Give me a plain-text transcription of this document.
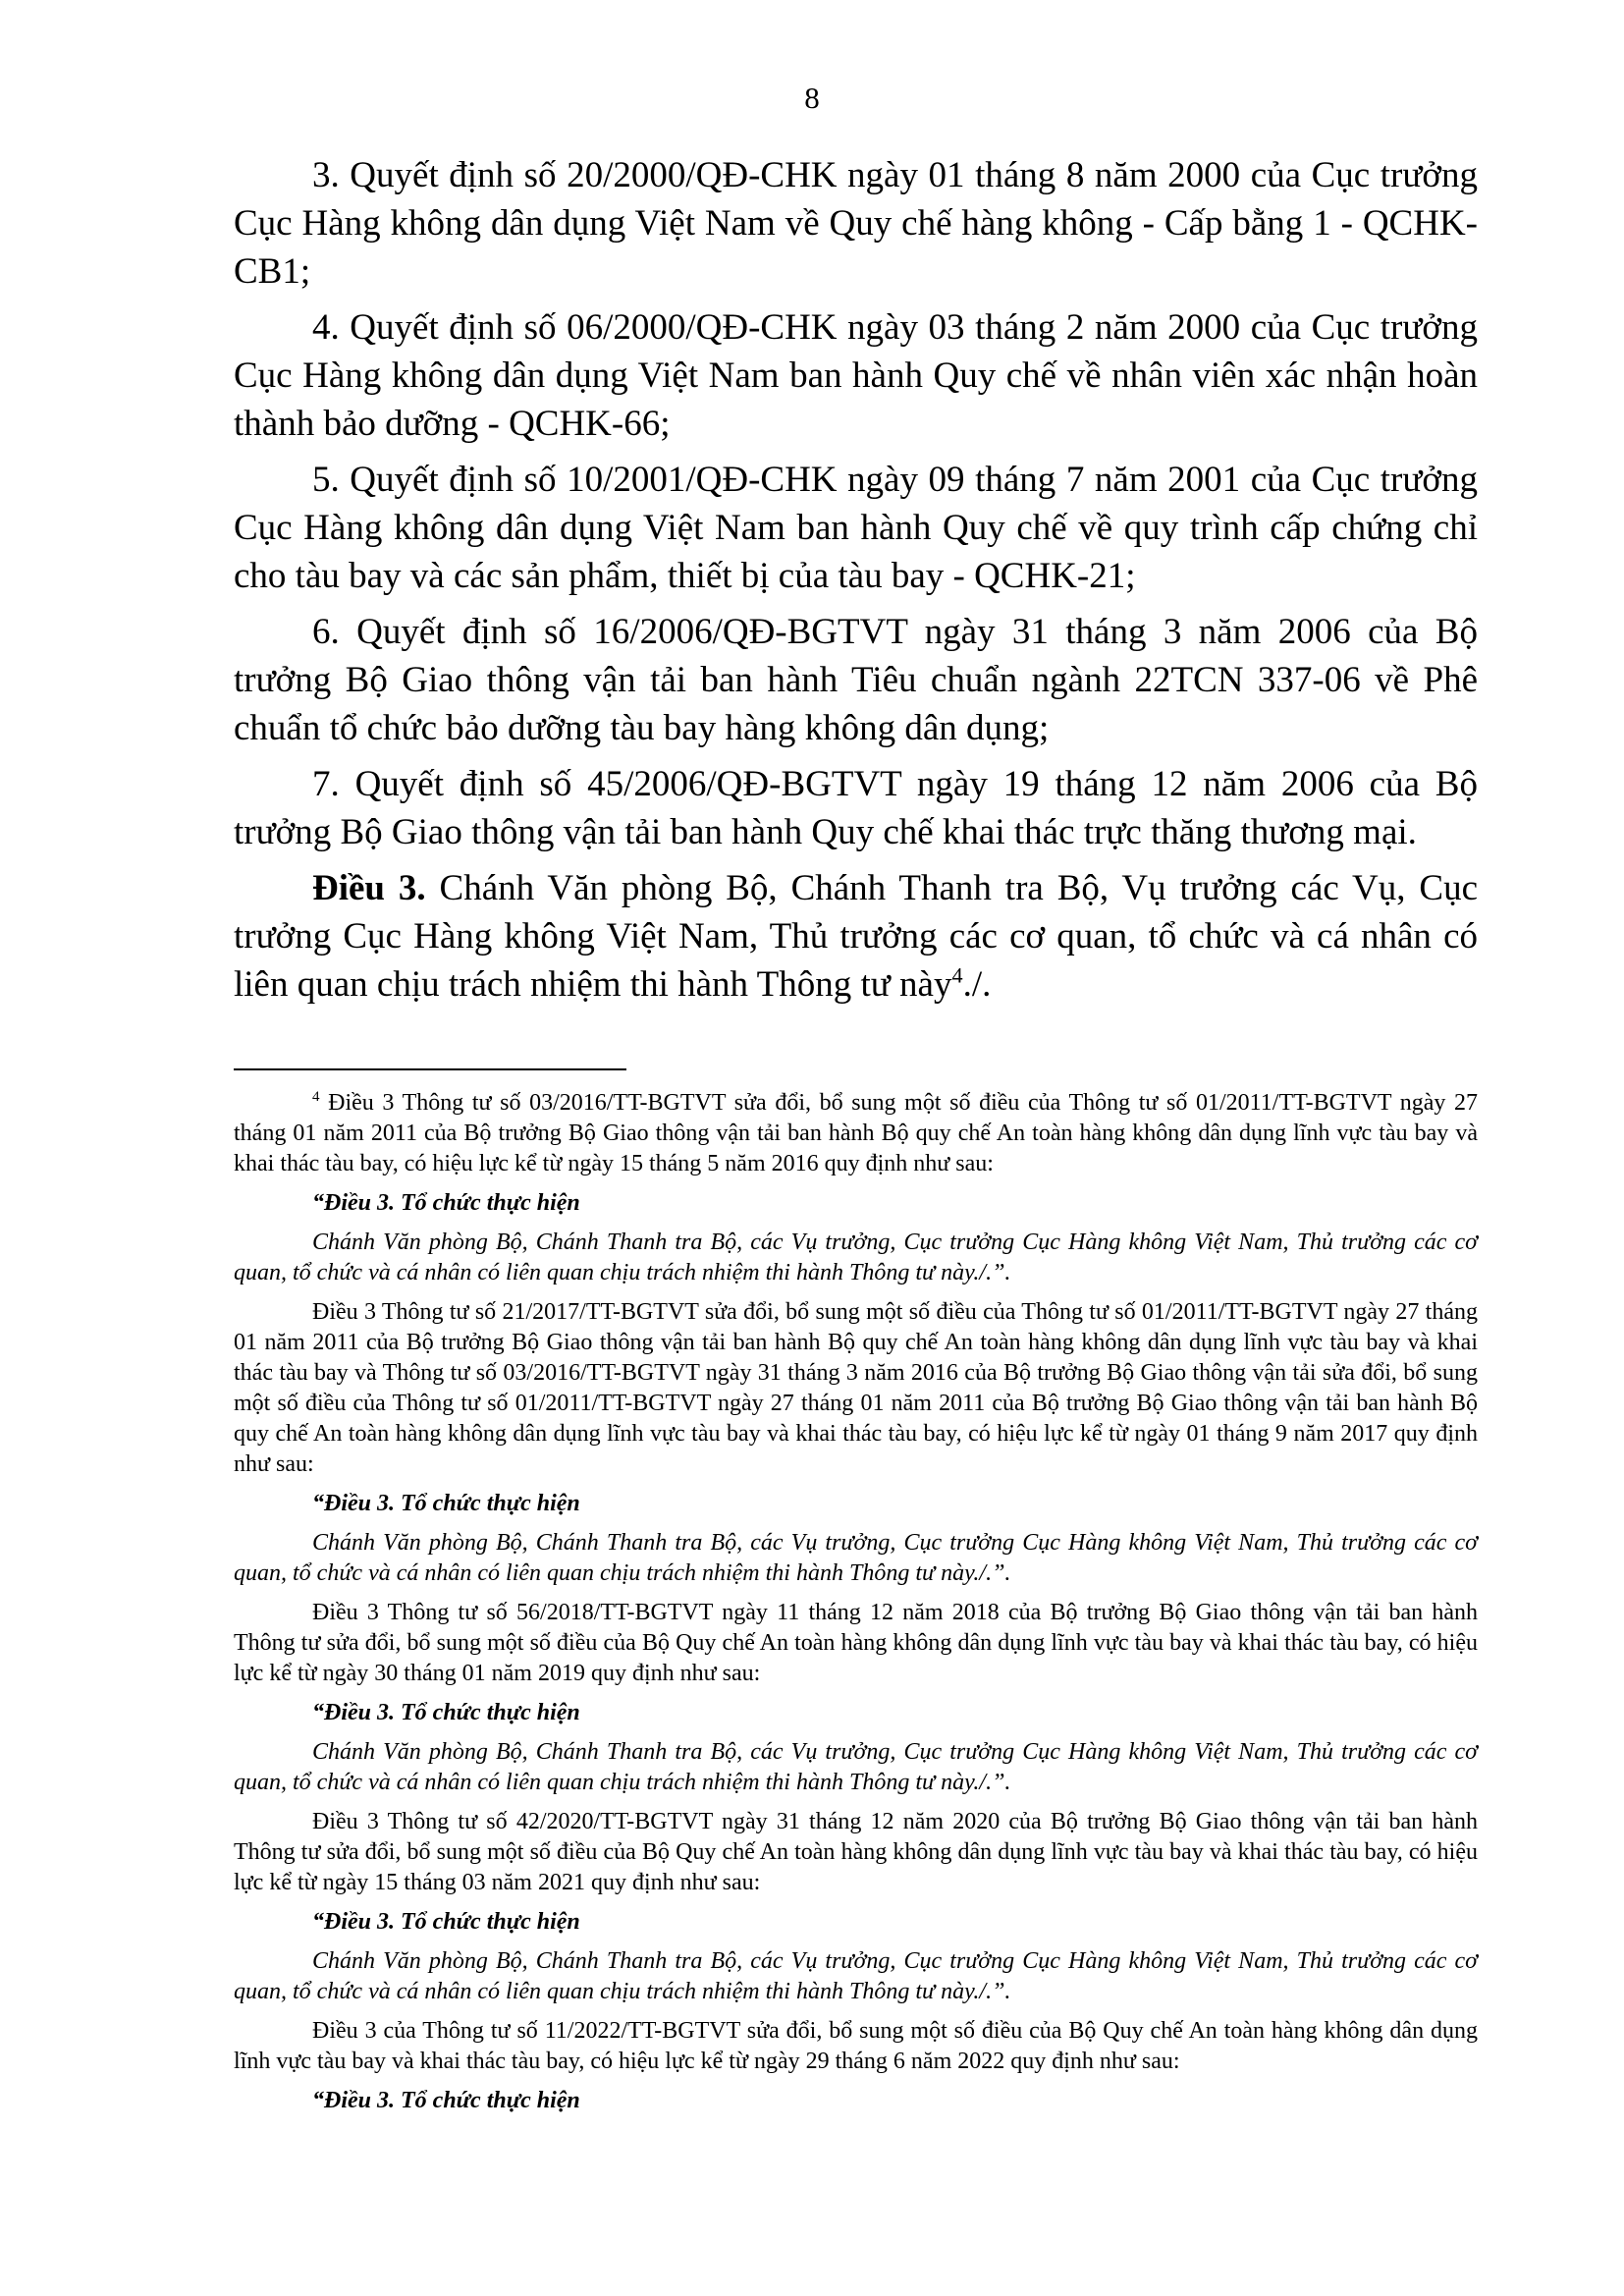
8

3. Quyết định số 20/2000/QĐ-CHK ngày 01 tháng 8 năm 2000 của Cục trưởng Cục Hàng không dân dụng Việt Nam về Quy chế hàng không - Cấp bằng 1 - QCHK-CB1;

4. Quyết định số 06/2000/QĐ-CHK ngày 03 tháng 2 năm 2000 của Cục trưởng Cục Hàng không dân dụng Việt Nam ban hành Quy chế về nhân viên xác nhận hoàn thành bảo dưỡng - QCHK-66;

5. Quyết định số 10/2001/QĐ-CHK ngày 09 tháng 7 năm 2001 của Cục trưởng Cục Hàng không dân dụng Việt Nam ban hành Quy chế về quy trình cấp chứng chỉ cho tàu bay và các sản phẩm, thiết bị của tàu bay - QCHK-21;

6. Quyết định số 16/2006/QĐ-BGTVT ngày 31 tháng 3 năm 2006 của Bộ trưởng Bộ Giao thông vận tải ban hành Tiêu chuẩn ngành 22TCN 337-06 về Phê chuẩn tổ chức bảo dưỡng tàu bay hàng không dân dụng;

7. Quyết định số 45/2006/QĐ-BGTVT ngày 19 tháng 12 năm 2006 của Bộ trưởng Bộ Giao thông vận tải ban hành Quy chế khai thác trực thăng thương mại.

Điều 3. Chánh Văn phòng Bộ, Chánh Thanh tra Bộ, Vụ trưởng các Vụ, Cục trưởng Cục Hàng không Việt Nam, Thủ trưởng các cơ quan, tổ chức và cá nhân có liên quan chịu trách nhiệm thi hành Thông tư này$^4$./.

$^4$ Điều 3 Thông tư số 03/2016/TT-BGTVT sửa đổi, bổ sung một số điều của Thông tư số 01/2011/TT-BGTVT ngày 27 tháng 01 năm 2011 của Bộ trưởng Bộ Giao thông vận tải ban hành Bộ quy chế An toàn hàng không dân dụng lĩnh vực tàu bay và khai thác tàu bay, có hiệu lực kể từ ngày 15 tháng 5 năm 2016 quy định như sau:

“Điều 3. Tổ chức thực hiện

Chánh Văn phòng Bộ, Chánh Thanh tra Bộ, các Vụ trưởng, Cục trưởng Cục Hàng không Việt Nam, Thủ trưởng các cơ quan, tổ chức và cá nhân có liên quan chịu trách nhiệm thi hành Thông tư này./.”.

Điều 3 Thông tư số 21/2017/TT-BGTVT sửa đổi, bổ sung một số điều của Thông tư số 01/2011/TT-BGTVT ngày 27 tháng 01 năm 2011 của Bộ trưởng Bộ Giao thông vận tải ban hành Bộ quy chế An toàn hàng không dân dụng lĩnh vực tàu bay và khai thác tàu bay và Thông tư số 03/2016/TT-BGTVT ngày 31 tháng 3 năm 2016 của Bộ trưởng Bộ Giao thông vận tải sửa đổi, bổ sung một số điều của Thông tư số 01/2011/TT-BGTVT ngày 27 tháng 01 năm 2011 của Bộ trưởng Bộ Giao thông vận tải ban hành Bộ quy chế An toàn hàng không dân dụng lĩnh vực tàu bay và khai thác tàu bay, có hiệu lực kể từ ngày 01 tháng 9 năm 2017 quy định như sau:

“Điều 3. Tổ chức thực hiện

Chánh Văn phòng Bộ, Chánh Thanh tra Bộ, các Vụ trưởng, Cục trưởng Cục Hàng không Việt Nam, Thủ trưởng các cơ quan, tổ chức và cá nhân có liên quan chịu trách nhiệm thi hành Thông tư này./.”.

Điều 3 Thông tư số 56/2018/TT-BGTVT ngày 11 tháng 12 năm 2018 của Bộ trưởng Bộ Giao thông vận tải ban hành Thông tư sửa đổi, bổ sung một số điều của Bộ Quy chế An toàn hàng không dân dụng lĩnh vực tàu bay và khai thác tàu bay, có hiệu lực kể từ ngày 30 tháng 01 năm 2019 quy định như sau:

“Điều 3. Tổ chức thực hiện

Chánh Văn phòng Bộ, Chánh Thanh tra Bộ, các Vụ trưởng, Cục trưởng Cục Hàng không Việt Nam, Thủ trưởng các cơ quan, tổ chức và cá nhân có liên quan chịu trách nhiệm thi hành Thông tư này./.”.

Điều 3 Thông tư số 42/2020/TT-BGTVT ngày 31 tháng 12 năm 2020 của Bộ trưởng Bộ Giao thông vận tải ban hành Thông tư sửa đổi, bổ sung một số điều của Bộ Quy chế An toàn hàng không dân dụng lĩnh vực tàu bay và khai thác tàu bay, có hiệu lực kể từ ngày 15 tháng 03 năm 2021 quy định như sau:

“Điều 3. Tổ chức thực hiện

Chánh Văn phòng Bộ, Chánh Thanh tra Bộ, các Vụ trưởng, Cục trưởng Cục Hàng không Việt Nam, Thủ trưởng các cơ quan, tổ chức và cá nhân có liên quan chịu trách nhiệm thi hành Thông tư này./.”.

Điều 3 của Thông tư số 11/2022/TT-BGTVT sửa đổi, bổ sung một số điều của Bộ Quy chế An toàn hàng không dân dụng lĩnh vực tàu bay và khai thác tàu bay, có hiệu lực kể từ ngày 29 tháng 6 năm 2022 quy định như sau:

“Điều 3. Tổ chức thực hiện
